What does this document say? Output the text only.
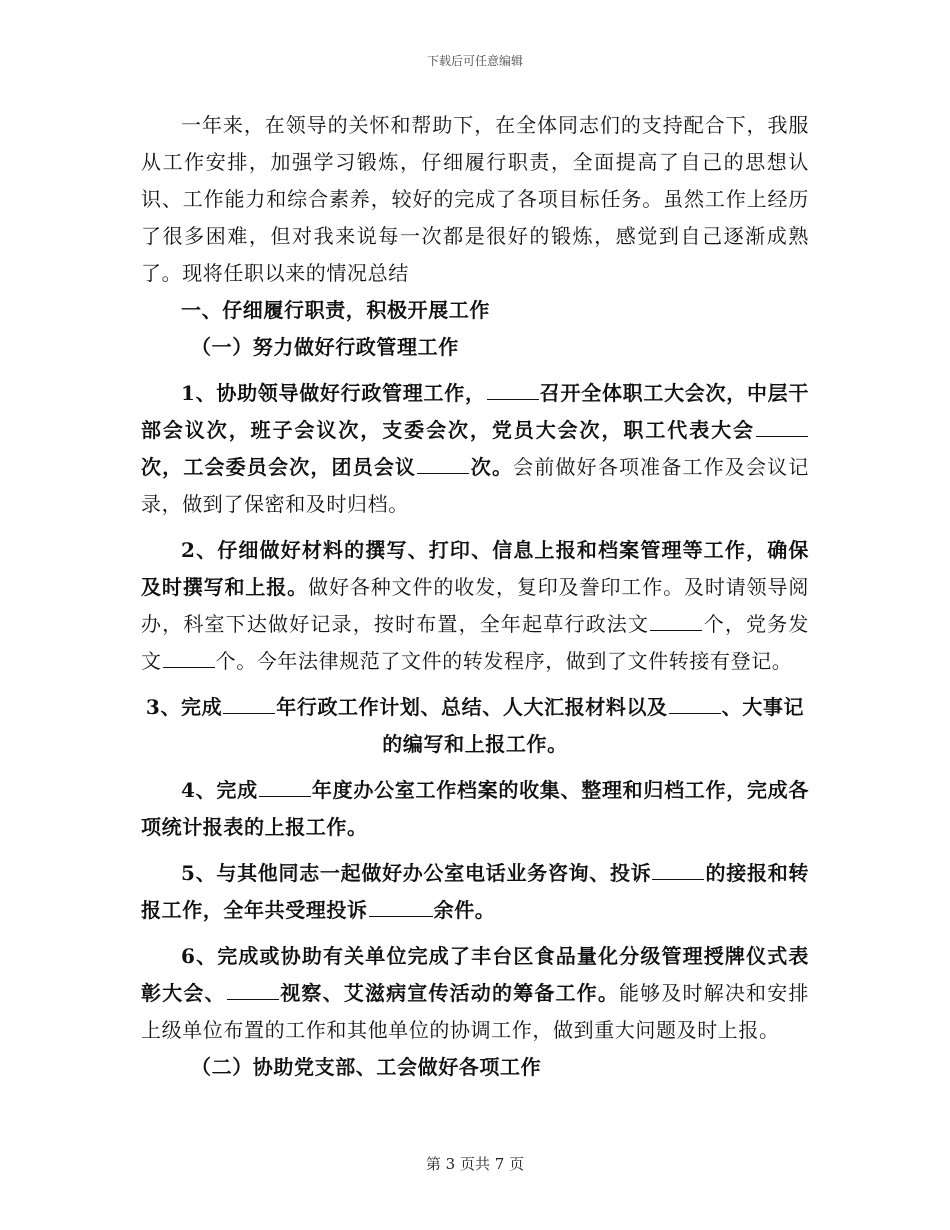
下载后可任意编辑

一年来，在领导的关怀和帮助下，在全体同志们的支持配合下，我服从工作安排，加强学习锻炼，仔细履行职责，全面提高了自己的思想认识、工作能力和综合素养，较好的完成了各项目标任务。虽然工作上经历了很多困难，但对我来说每一次都是很好的锻炼，感觉到自己逐渐成熟了。现将任职以来的情况总结

一、仔细履行职责，积极开展工作

（一）努力做好行政管理工作

1、协助领导做好行政管理工作，	召开全体职工大会次，中层干部会议次，班子会议次，支委会次，党员大会次，职工代表大会次，工会委员会次，团员会议	次。会前做好各项准备工作及会议记录，做到了保密和及时归档。

2、仔细做好材料的撰写、打印、信息上报和档案管理等工作，确保及时撰写和上报。做好各种文件的收发，复印及誊印工作。及时请领导阅办，科室下达做好记录，按时布置，全年起草行政法文	个，党务发文	个。今年法律规范了文件的转发程序，做到了文件转接有登记。

3、完成	年行政工作计划、总结、人大汇报材料以及	、大事记的编写和上报工作。

4、完成	年度办公室工作档案的收集、整理和归档工作，完成各项统计报表的上报工作。

5、与其他同志一起做好办公室电话业务咨询、投诉	的接报和转报工作，全年共受理投诉	余件。

6、完成或协助有关单位完成了丰台区食品量化分级管理授牌仪式表彰大会、	视察、艾滋病宣传活动的筹备工作。能够及时解决和安排上级单位布置的工作和其他单位的协调工作，做到重大问题及时上报。

（二）协助党支部、工会做好各项工作

第 3 页共 7 页
